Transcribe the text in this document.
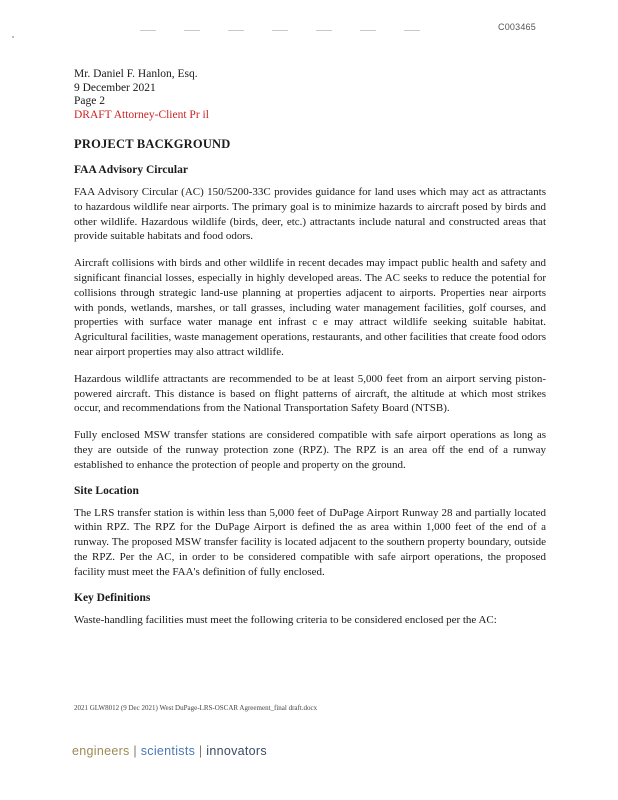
C003465
Mr. Daniel F. Hanlon, Esq.
9 December 2021
Page 2
DRAFT Attorney-Client Pr il
PROJECT BACKGROUND
FAA Advisory Circular

FAA Advisory Circular (AC) 150/5200-33C provides guidance for land uses which may act as attractants to hazardous wildlife near airports. The primary goal is to minimize hazards to aircraft posed by birds and other wildlife. Hazardous wildlife (birds, deer, etc.) attractants include natural and constructed areas that provide suitable habitats and food odors.

Aircraft collisions with birds and other wildlife in recent decades may impact public health and safety and significant financial losses, especially in highly developed areas. The AC seeks to reduce the potential for collisions through strategic land-use planning at properties adjacent to airports. Properties near airports with ponds, wetlands, marshes, or tall grasses, including water management facilities, golf courses, and properties with surface water manage ent infrast c e may attract wildlife seeking suitable habitat. Agricultural facilities, waste management operations, restaurants, and other facilities that create food odors near airport properties may also attract wildlife.

Hazardous wildlife attractants are recommended to be at least 5,000 feet from an airport serving piston-powered aircraft. This distance is based on flight patterns of aircraft, the altitude at which most strikes occur, and recommendations from the National Transportation Safety Board (NTSB).

Fully enclosed MSW transfer stations are considered compatible with safe airport operations as long as they are outside of the runway protection zone (RPZ). The RPZ is an area off the end of a runway established to enhance the protection of people and property on the ground.

Site Location

The LRS transfer station is within less than 5,000 feet of DuPage Airport Runway 28 and partially located within RPZ. The RPZ for the DuPage Airport is defined the as area within 1,000 feet of the end of a runway. The proposed MSW transfer facility is located adjacent to the southern property boundary, outside the RPZ. Per the AC, in order to be considered compatible with safe airport operations, the proposed facility must meet the FAA's definition of fully enclosed.

Key Definitions

Waste-handling facilities must meet the following criteria to be considered enclosed per the AC:

2021 GLW8012 (9 Dec 2021) West DuPage-LRS-OSCAR Agreement_final draft.docx
engineers | scientists | innovators
